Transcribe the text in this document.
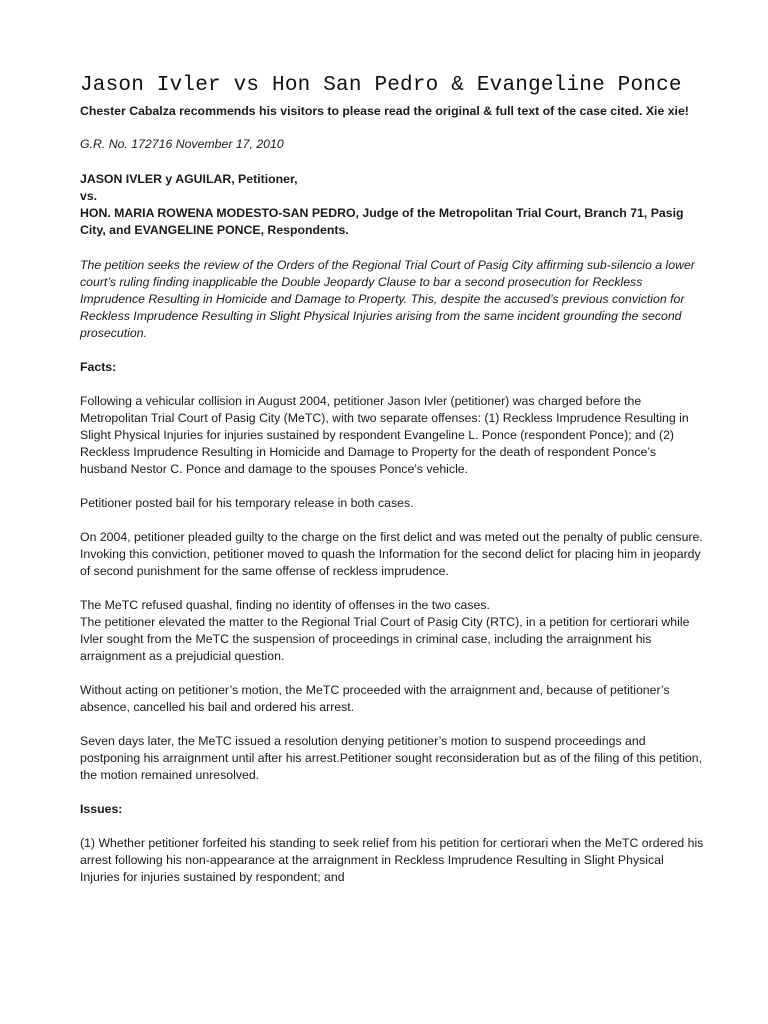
Jason Ivler vs Hon San Pedro & Evangeline Ponce

Chester Cabalza recommends his visitors to please read the original & full text of the case cited. Xie xie!

G.R. No. 172716 November 17, 2010

JASON IVLER y AGUILAR, Petitioner,
vs.
HON. MARIA ROWENA MODESTO-SAN PEDRO, Judge of the Metropolitan Trial Court, Branch 71, Pasig City, and EVANGELINE PONCE, Respondents.

The petition seeks the review of the Orders of the Regional Trial Court of Pasig City affirming sub-silencio a lower court’s ruling finding inapplicable the Double Jeopardy Clause to bar a second prosecution for Reckless Imprudence Resulting in Homicide and Damage to Property. This, despite the accused’s previous conviction for Reckless Imprudence Resulting in Slight Physical Injuries arising from the same incident grounding the second prosecution.

Facts:

Following a vehicular collision in August 2004, petitioner Jason Ivler (petitioner) was charged before the Metropolitan Trial Court of Pasig City (MeTC), with two separate offenses: (1) Reckless Imprudence Resulting in Slight Physical Injuries for injuries sustained by respondent Evangeline L. Ponce (respondent Ponce); and (2) Reckless Imprudence Resulting in Homicide and Damage to Property for the death of respondent Ponce’s husband Nestor C. Ponce and damage to the spouses Ponce’s vehicle.

Petitioner posted bail for his temporary release in both cases.

On 2004, petitioner pleaded guilty to the charge on the first delict and was meted out the penalty of public censure. Invoking this conviction, petitioner moved to quash the Information for the second delict for placing him in jeopardy of second punishment for the same offense of reckless imprudence.

The MeTC refused quashal, finding no identity of offenses in the two cases.

The petitioner elevated the matter to the Regional Trial Court of Pasig City (RTC), in a petition for certiorari while Ivler sought from the MeTC the suspension of proceedings in criminal case, including the arraignment his arraignment as a prejudicial question.

Without acting on petitioner’s motion, the MeTC proceeded with the arraignment and, because of petitioner’s absence, cancelled his bail and ordered his arrest.

Seven days later, the MeTC issued a resolution denying petitioner’s motion to suspend proceedings and postponing his arraignment until after his arrest.Petitioner sought reconsideration but as of the filing of this petition, the motion remained unresolved.

Issues:

(1) Whether petitioner forfeited his standing to seek relief from his petition for certiorari when the MeTC ordered his arrest following his non-appearance at the arraignment in Reckless Imprudence Resulting in Slight Physical Injuries for injuries sustained by respondent; and
